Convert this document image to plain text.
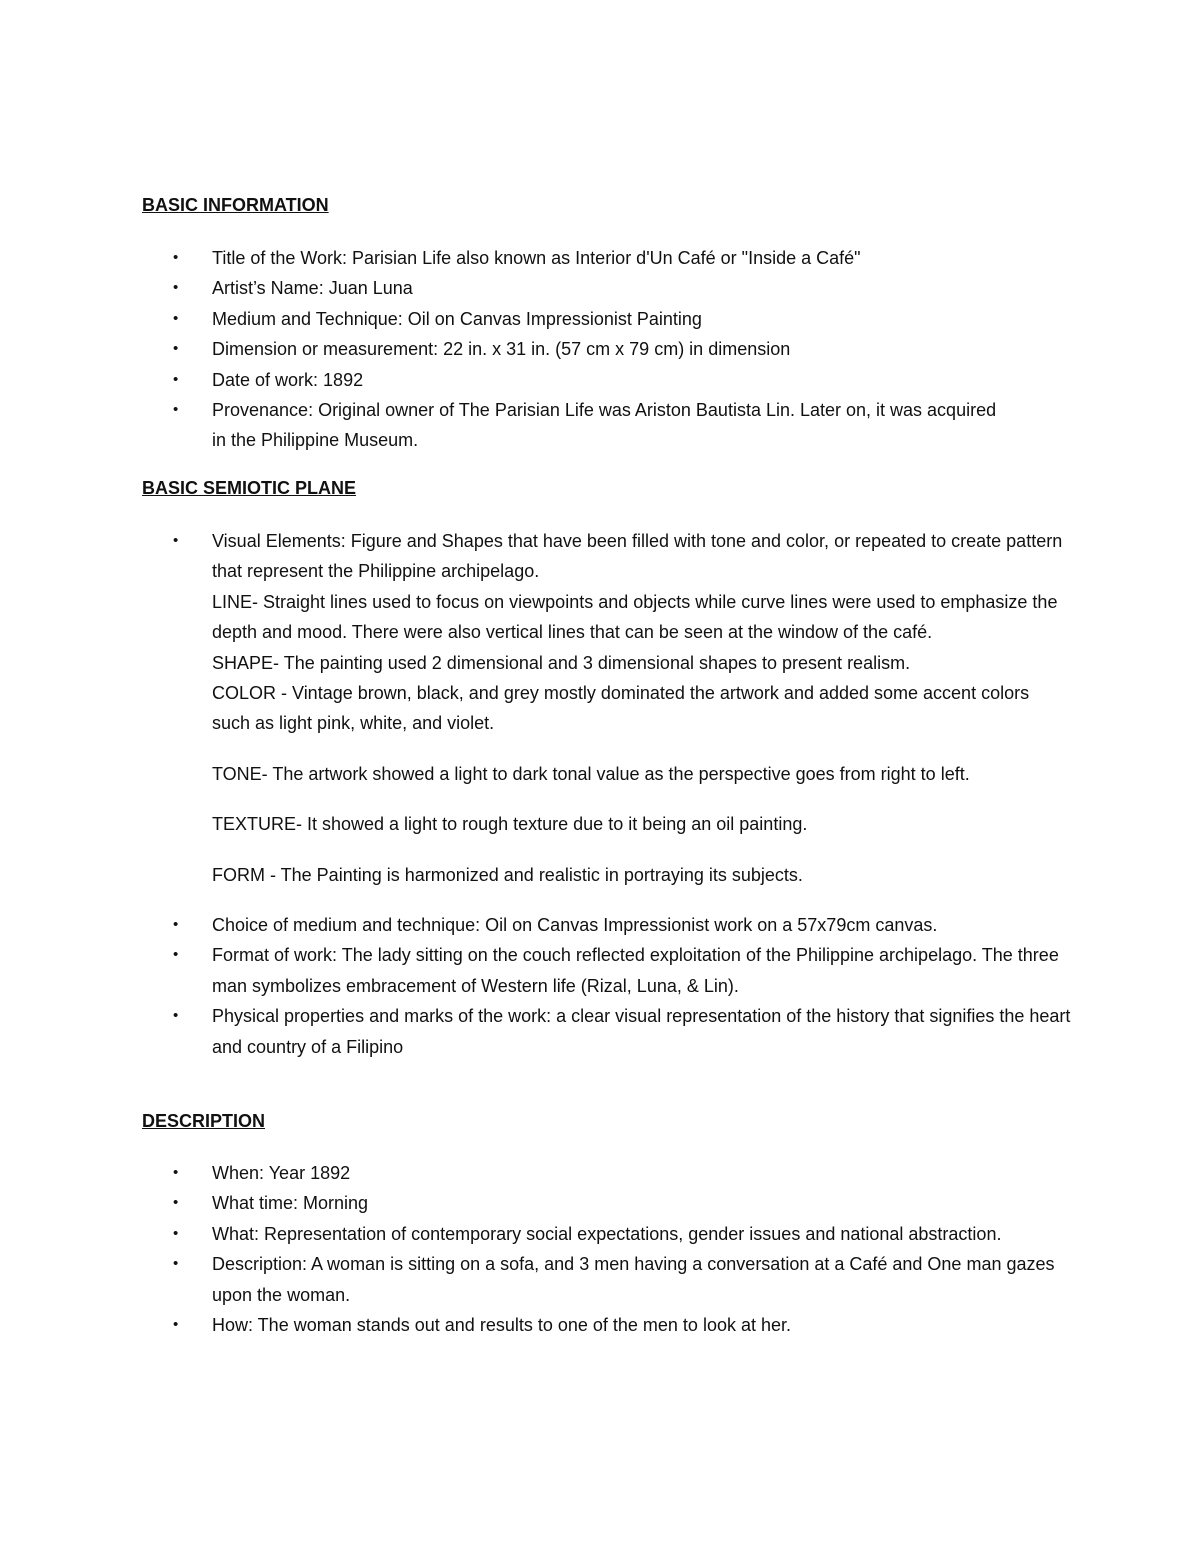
BASIC INFORMATION

• Title of the Work: Parisian Life also known as Interior d'Un Café or "Inside a Café"
• Artist’s Name: Juan Luna
• Medium and Technique: Oil on Canvas Impressionist Painting
• Dimension or measurement: 22 in. x 31 in. (57 cm x 79 cm) in dimension
• Date of work: 1892
• Provenance: Original owner of The Parisian Life was Ariston Bautista Lin. Later on, it was acquired in the Philippine Museum.

BASIC SEMIOTIC PLANE

• Visual Elements: Figure and Shapes that have been filled with tone and color, or repeated to create pattern that represent the Philippine archipelago.
LINE- Straight lines used to focus on viewpoints and objects while curve lines were used to emphasize the depth and mood. There were also vertical lines that can be seen at the window of the café.
SHAPE- The painting used 2 dimensional and 3 dimensional shapes to present realism.
COLOR - Vintage brown, black, and grey mostly dominated the artwork and added some accent colors such as light pink, white, and violet.
TONE- The artwork showed a light to dark tonal value as the perspective goes from right to left.
TEXTURE- It showed a light to rough texture due to it being an oil painting.
FORM - The Painting is harmonized and realistic in portraying its subjects.
• Choice of medium and technique: Oil on Canvas Impressionist work on a 57x79cm canvas.
• Format of work: The lady sitting on the couch reflected exploitation of the Philippine archipelago. The three man symbolizes embracement of Western life (Rizal, Luna, & Lin).
• Physical properties and marks of the work: a clear visual representation of the history that signifies the heart and country of a Filipino

DESCRIPTION

• When: Year 1892
• What time: Morning
• What: Representation of contemporary social expectations, gender issues and national abstraction.
• Description: A woman is sitting on a sofa, and 3 men having a conversation at a Café and One man gazes upon the woman.
• How: The woman stands out and results to one of the men to look at her.
